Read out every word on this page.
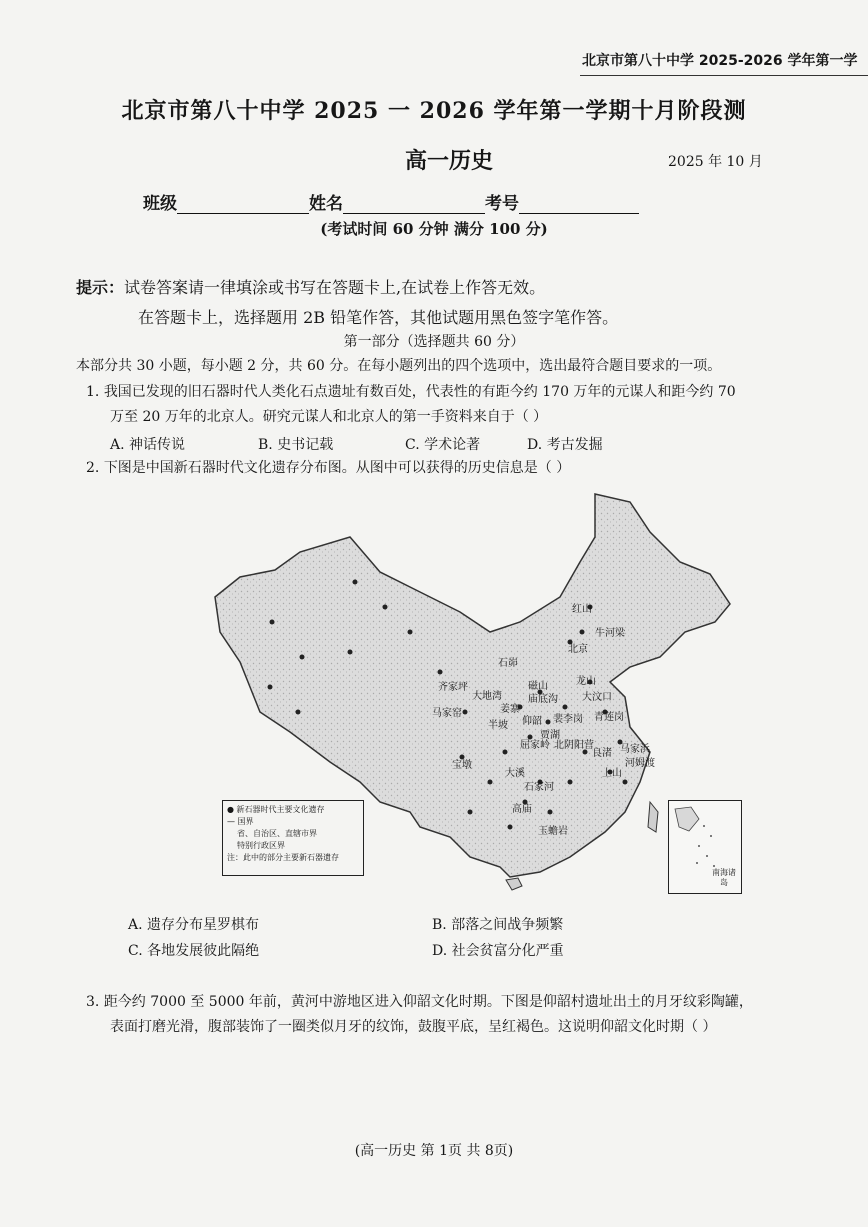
北京市第八十中学 2025-2026 学年第一学
北京市第八十中学 2025 一 2026 学年第一学期十月阶段测
高一历史	2025 年 10 月
班级	姓名	考号
(考试时间 60 分钟 满分 100 分)
提示：试卷答案请一律填涂或书写在答题卡上,在试卷上作答无效。
在答题卡上，选择题用 2B 铅笔作答，其他试题用黑色签字笔作答。
第一部分（选择题共 60 分）
本部分共 30 小题，每小题 2 分，共 60 分。在每小题列出的四个选项中，选出最符合题目要求的一项。
1. 我国已发现的旧石器时代人类化石点遗址有数百处，代表性的有距今约 170 万年的元谋人和距今约 70
万至 20 万年的北京人。研究元谋人和北京人的第一手资料来自于（ ）
A. 神话传说	B. 史书记载	C. 学术论著	D. 考古发掘
2. 下图是中国新石器时代文化遗存分布图。从图中可以获得的历史信息是（ ）
红山
牛河梁
北京
石峁
磁山	龙山
大汶口
齐家坪
大地湾
马家窑
半坡
姜寨
庙底沟
仰韶 裴李岗
贾湖
青莲岗
屈家岭 北阴阳营	马家浜
河姆渡
宝墩
大溪
石家河
良渚
上山
高庙
玉蟾岩
● 新石器时代主要文化遗存
— 国界
省、自治区、直辖市界
特别行政区界
注：此中的部分主要新石器遗存
南海诸岛
A. 遗存分布星罗棋布	B. 部落之间战争频繁
C. 各地发展彼此隔绝	D. 社会贫富分化严重
3. 距今约 7000 至 5000 年前，黄河中游地区进入仰韶文化时期。下图是仰韶村遗址出土的月牙纹彩陶罐，
表面打磨光滑，腹部装饰了一圈类似月牙的纹饰，鼓腹平底，呈红褐色。这说明仰韶文化时期（ ）
(高一历史 第 1页 共 8页)
